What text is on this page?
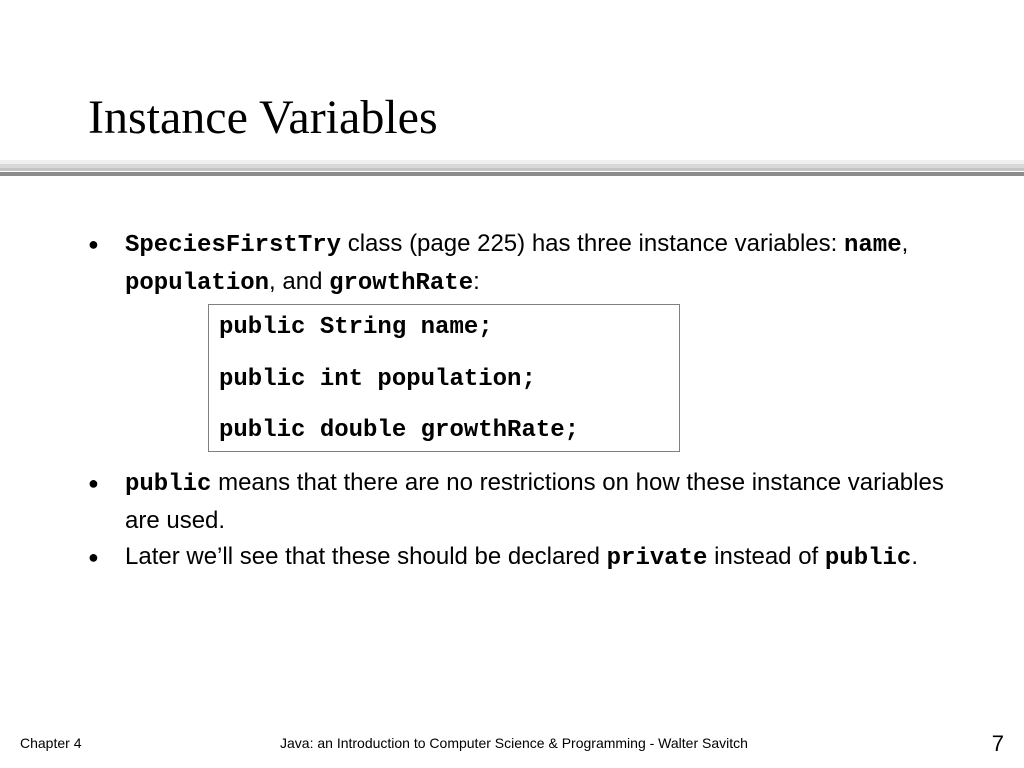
Instance Variables
●	SpeciesFirstTry class (page 225) has three instance variables: name, population, and growthRate:
public String name;
public int population;
public double growthRate;
●	public means that there are no restrictions on how these instance variables are used.
●	Later we’ll see that these should be declared private instead of public.
Chapter 4	Java: an Introduction to Computer Science & Programming - Walter Savitch	7
